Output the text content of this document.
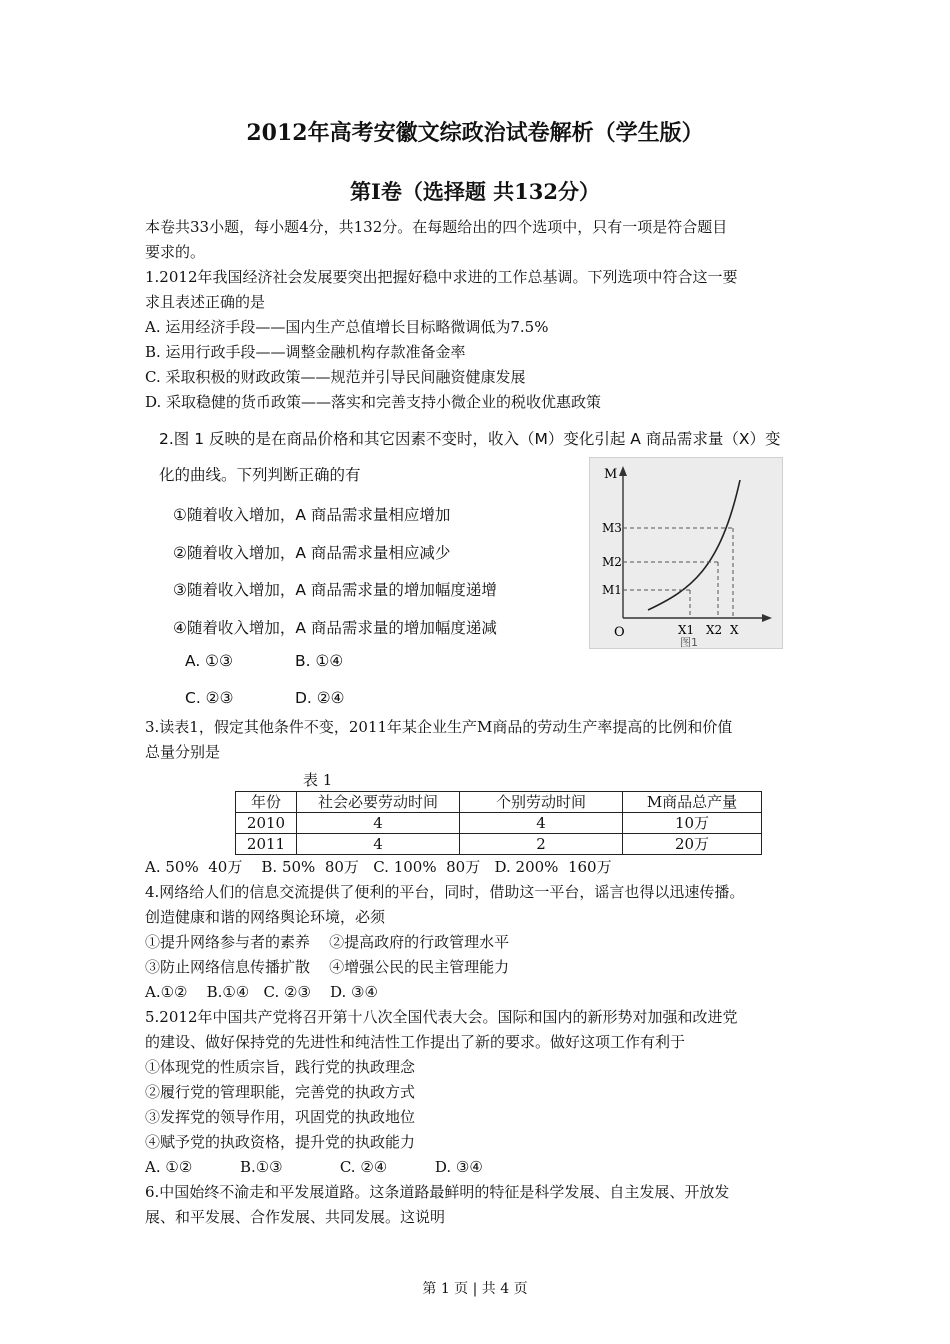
2012年高考安徽文综政治试卷解析（学生版）
第Ⅰ卷（选择题 共132分）

本卷共33小题，每小题4分，共132分。在每题给出的四个选项中，只有一项是符合题目

要求的。

1.2012年我国经济社会发展要突出把握好稳中求进的工作总基调。下列选项中符合这一要

求且表述正确的是

A. 运用经济手段——国内生产总值增长目标略微调低为7.5%

B. 运用行政手段——调整金融机构存款准备金率

C. 采取积极的财政政策——规范并引导民间融资健康发展

D. 采取稳健的货币政策——落实和完善支持小微企业的税收优惠政策

2.图 1 反映的是在商品价格和其它因素不变时，收入（M）变化引起 A 商品需求量（X）变
化的曲线。下列判断正确的有
①随着收入增加，A 商品需求量相应增加
②随着收入增加，A 商品需求量相应减少
③随着收入增加，A 商品需求量的增加幅度递增
④随着收入增加，A 商品需求量的增加幅度递减
A. ①③	B. ①④
C. ②③	D. ②④
M
M3
M2
M1
O	X1 X2 X
图1

3.读表1，假定其他条件不变，2011年某企业生产M商品的劳动生产率提高的比例和价值

总量分别是

表 1
年份	社会必要劳动时间	个别劳动时间	M商品总产量
2010	4	4	10万
2011	4	2	20万

A. 50%  40万    B. 50%  80万   C. 100%  80万   D. 200%  160万

4.网络给人们的信息交流提供了便利的平台，同时，借助这一平台，谣言也得以迅速传播。

创造健康和谐的网络舆论环境，必须

①提升网络参与者的素养    ②提高政府的行政管理水平

③防止网络信息传播扩散    ④增强公民的民主管理能力

A.①②    B.①④   C. ②③    D. ③④

5.2012年中国共产党将召开第十八次全国代表大会。国际和国内的新形势对加强和改进党

的建设、做好保持党的先进性和纯洁性工作提出了新的要求。做好这项工作有利于

①体现党的性质宗旨，践行党的执政理念

②履行党的管理职能，完善党的执政方式

③发挥党的领导作用，巩固党的执政地位

④赋予党的执政资格，提升党的执政能力

A. ①②          B.①③            C. ②④          D. ③④

6.中国始终不渝走和平发展道路。这条道路最鲜明的特征是科学发展、自主发展、开放发

展、和平发展、合作发展、共同发展。这说明

第 1 页 | 共 4 页
